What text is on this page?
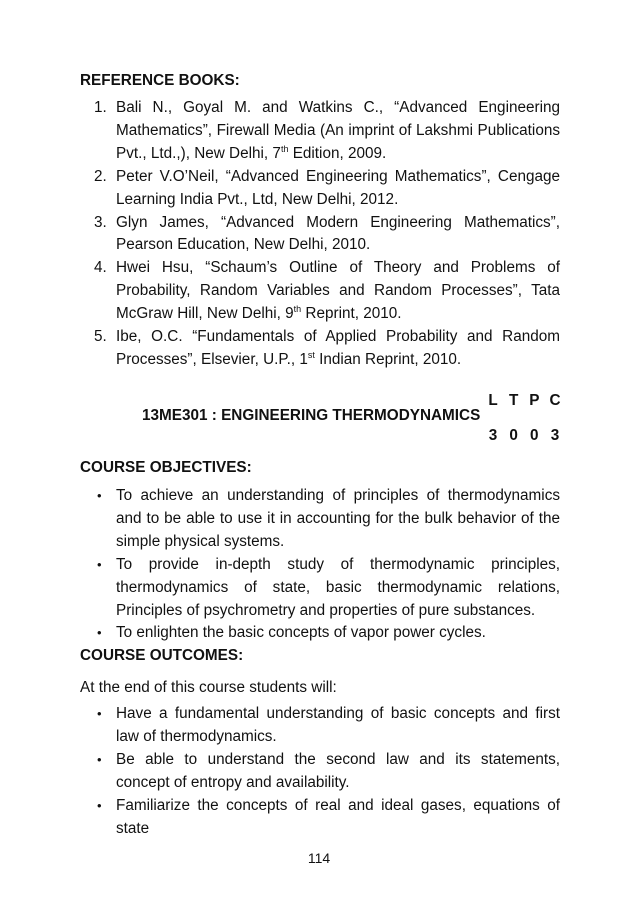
REFERENCE BOOKS:
1. Bali N., Goyal M. and Watkins C., “Advanced Engineering Mathematics”, Firewall Media (An imprint of Lakshmi Publications Pvt., Ltd.,), New Delhi, 7th Edition, 2009.
2. Peter V.O’Neil, “Advanced Engineering Mathematics”, Cengage Learning India Pvt., Ltd, New Delhi, 2012.
3. Glyn James, “Advanced Modern Engineering Mathematics”, Pearson Education, New Delhi, 2010.
4. Hwei Hsu, “Schaum’s Outline of Theory and Problems of Probability, Random Variables and Random Processes”, Tata McGraw Hill, New Delhi, 9th Reprint, 2010.
5. Ibe, O.C. “Fundamentals of Applied Probability and Random Processes”, Elsevier, U.P., 1st Indian Reprint, 2010.
L T P C
13ME301 : ENGINEERING THERMODYNAMICS
3 0 0 3
COURSE OBJECTIVES:
• To achieve an understanding of principles of thermodynamics and to be able to use it in accounting for the bulk behavior of the simple physical systems.
• To provide in-depth study of thermodynamic principles, thermodynamics of state, basic thermodynamic relations, Principles of psychrometry and properties of pure substances.
• To enlighten the basic concepts of vapor power cycles.
COURSE OUTCOMES:
At the end of this course students will:
• Have a fundamental understanding of basic concepts and first law of thermodynamics.
• Be able to understand the second law and its statements, concept of entropy and availability.
• Familiarize the concepts of real and ideal gases, equations of state
114
